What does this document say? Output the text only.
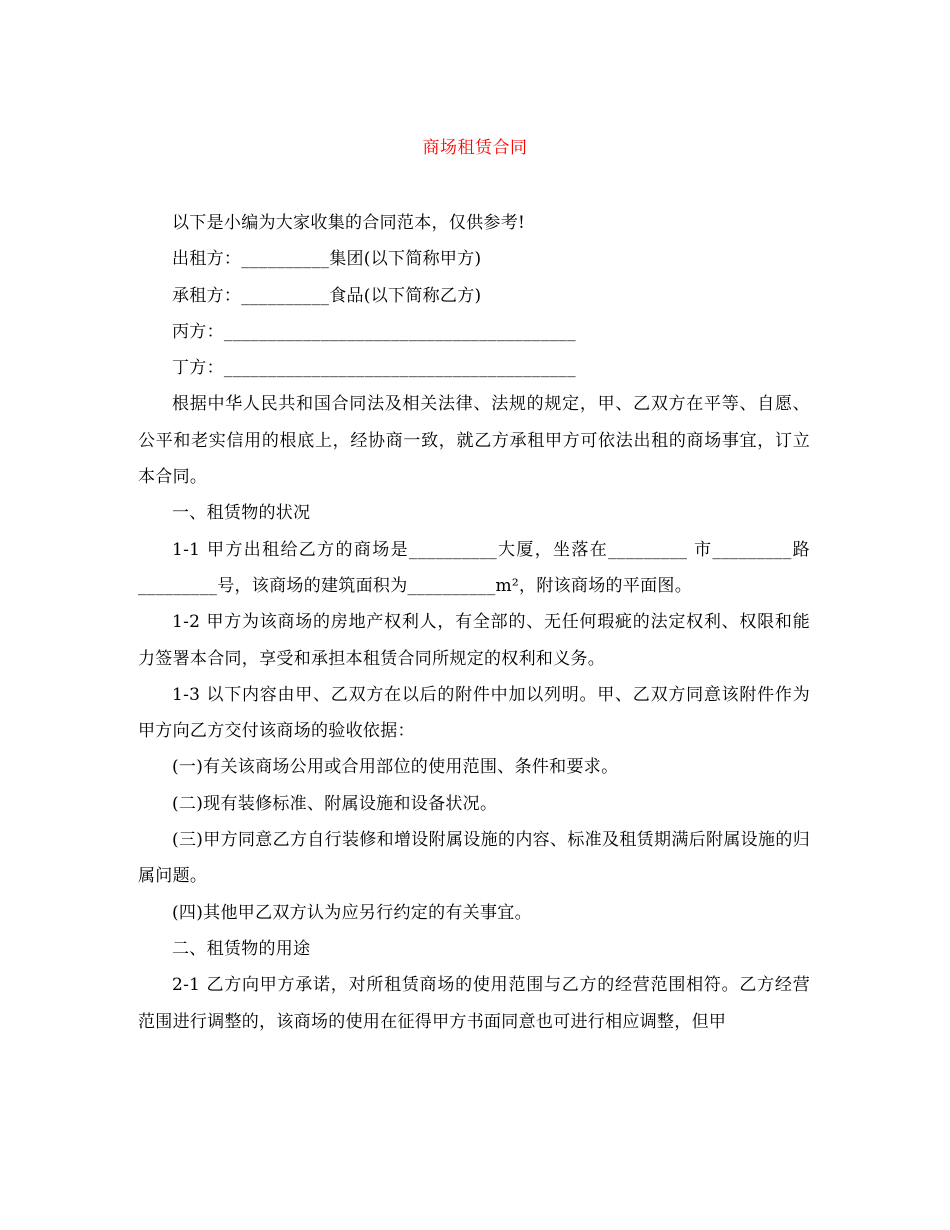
商场租赁合同

以下是小编为大家收集的合同范本，仅供参考!

出租方：__________集团(以下简称甲方)

承租方：__________食品(以下简称乙方)

丙方：________________________________________

丁方：________________________________________

根据中华人民共和国合同法及相关法律、法规的规定，甲、乙双方在平等、自愿、公平和老实信用的根底上，经协商一致，就乙方承租甲方可依法出租的商场事宜，订立本合同。

一、租赁物的状况

1-1 甲方出租给乙方的商场是__________大厦，坐落在_________ 市_________路_________号，该商场的建筑面积为__________m²，附该商场的平面图。

1-2 甲方为该商场的房地产权利人，有全部的、无任何瑕疵的法定权利、权限和能力签署本合同，享受和承担本租赁合同所规定的权利和义务。

1-3 以下内容由甲、乙双方在以后的附件中加以列明。甲、乙双方同意该附件作为甲方向乙方交付该商场的验收依据：

(一)有关该商场公用或合用部位的使用范围、条件和要求。

(二)现有装修标准、附属设施和设备状况。

(三)甲方同意乙方自行装修和增设附属设施的内容、标准及租赁期满后附属设施的归属问题。

(四)其他甲乙双方认为应另行约定的有关事宜。

二、租赁物的用途

2-1 乙方向甲方承诺，对所租赁商场的使用范围与乙方的经营范围相符。乙方经营范围进行调整的，该商场的使用在征得甲方书面同意也可进行相应调整，但甲
